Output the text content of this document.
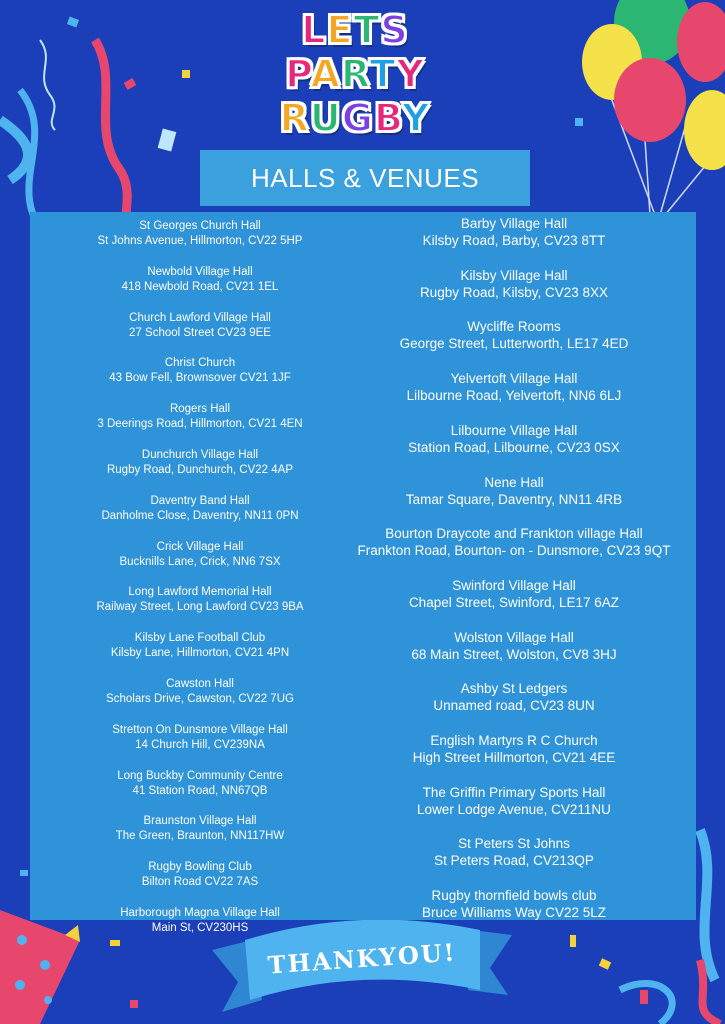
LETS
PARTY
RUGBY
HALLS & VENUES
St Georges Church Hall
St Johns Avenue, Hillmorton, CV22 5HP
Newbold Village Hall
418 Newbold Road, CV21 1EL
Church Lawford Village Hall
27 School Street CV23 9EE
Christ Church
43 Bow Fell, Brownsover CV21 1JF
Rogers Hall
3 Deerings Road, Hillmorton, CV21 4EN
Dunchurch Village Hall
Rugby Road, Dunchurch, CV22 4AP
Daventry Band Hall
Danholme Close, Daventry, NN11 0PN
Crick Village Hall
Bucknills Lane, Crick, NN6 7SX
Long Lawford Memorial Hall
Railway Street, Long Lawford CV23 9BA
Kilsby Lane Football Club
Kilsby Lane, Hillmorton, CV21 4PN
Cawston Hall
Scholars Drive, Cawston, CV22 7UG
Stretton On Dunsmore Village Hall
14 Church Hill, CV239NA
Long Buckby Community Centre
41 Station Road, NN67QB
Braunston Village Hall
The Green, Braunton, NN117HW
Rugby Bowling Club
Bilton Road CV22 7AS
Harborough Magna Village Hall
Main St, CV230HS
Barby Village Hall
Kilsby Road, Barby, CV23 8TT
Kilsby Village Hall
Rugby Road, Kilsby, CV23 8XX
Wycliffe Rooms
George Street, Lutterworth, LE17 4ED
Yelvertoft Village Hall
Lilbourne Road, Yelvertoft, NN6 6LJ
Lilbourne Village Hall
Station Road, Lilbourne, CV23 0SX
Nene Hall
Tamar Square, Daventry, NN11 4RB
Bourton Draycote and Frankton village Hall
Frankton Road, Bourton- on - Dunsmore, CV23 9QT
Swinford Village Hall
Chapel Street, Swinford, LE17 6AZ
Wolston Village Hall
68 Main Street, Wolston, CV8 3HJ
Ashby St Ledgers
Unnamed road, CV23 8UN
English Martyrs R C Church
High Street Hillmorton, CV21 4EE
The Griffin Primary Sports Hall
Lower Lodge Avenue, CV211NU
St Peters St Johns
St Peters Road, CV213QP
Rugby thornfield bowls club
Bruce Williams Way CV22 5LZ
THANKYOU!
